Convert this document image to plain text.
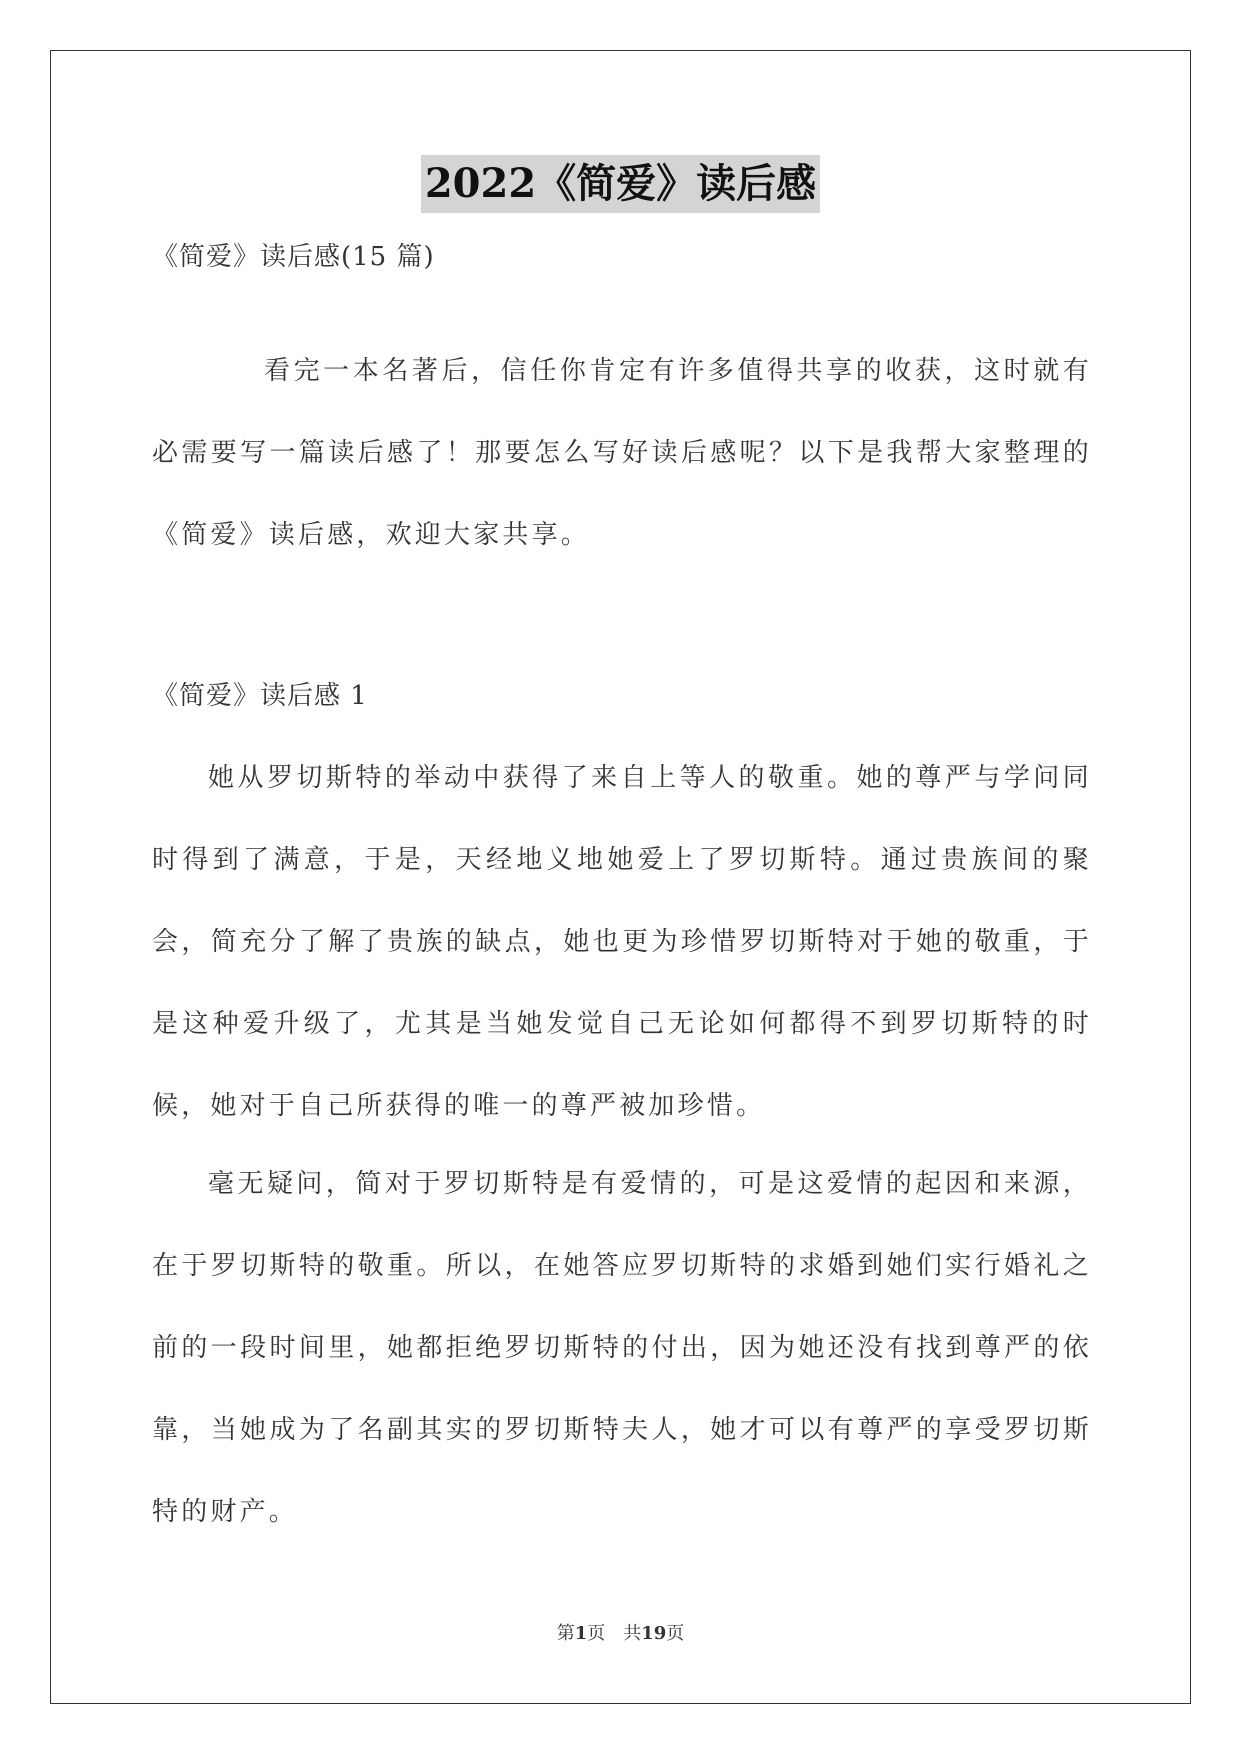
2022《简爱》读后感
《简爱》读后感(15 篇)

看完一本名著后，信任你肯定有许多值得共享的收获，这时就有必需要写一篇读后感了！那要怎么写好读后感呢？以下是我帮大家整理的《简爱》读后感，欢迎大家共享。

《简爱》读后感 1

她从罗切斯特的举动中获得了来自上等人的敬重。她的尊严与学问同时得到了满意，于是，天经地义地她爱上了罗切斯特。通过贵族间的聚会，简充分了解了贵族的缺点，她也更为珍惜罗切斯特对于她的敬重，于是这种爱升级了，尤其是当她发觉自己无论如何都得不到罗切斯特的时候，她对于自己所获得的唯一的尊严被加珍惜。

毫无疑问，简对于罗切斯特是有爱情的，可是这爱情的起因和来源，在于罗切斯特的敬重。所以，在她答应罗切斯特的求婚到她们实行婚礼之前的一段时间里，她都拒绝罗切斯特的付出，因为她还没有找到尊严的依靠，当她成为了名副其实的罗切斯特夫人，她才可以有尊严的享受罗切斯特的财产。

第1页　共19页
